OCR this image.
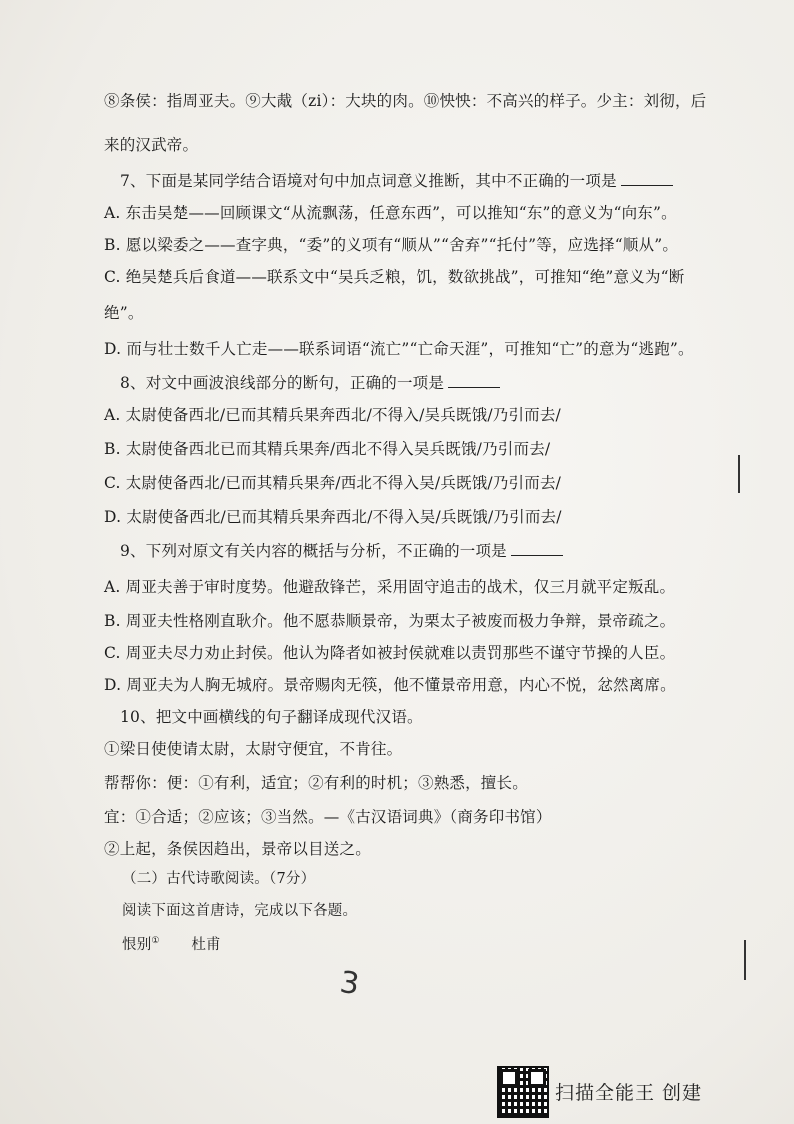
⑧条侯：指周亚夫。⑨大胾（zi）：大块的肉。⑩怏怏：不高兴的样子。少主：刘彻，后
来的汉武帝。
7、下面是某同学结合语境对句中加点词意义推断，其中不正确的一项是
A. 东击吴楚——回顾课文“从流飘荡，任意东西”，可以推知“东”的意义为“向东”。
B. 愿以梁委之——查字典，“委”的义项有“顺从”“舍弃”“托付”等，应选择“顺从”。
C. 绝吴楚兵后食道——联系文中“吴兵乏粮，饥，数欲挑战”，可推知“绝”意义为“断
绝”。
D. 而与壮士数千人亡走——联系词语“流亡”“亡命天涯”，可推知“亡”的意为“逃跑”。
8、对文中画波浪线部分的断句，正确的一项是
A. 太尉使备西北/已而其精兵果奔西北/不得入/吴兵既饿/乃引而去/
B. 太尉使备西北已而其精兵果奔/西北不得入吴兵既饿/乃引而去/
C. 太尉使备西北/已而其精兵果奔/西北不得入吴/兵既饿/乃引而去/
D. 太尉使备西北/已而其精兵果奔西北/不得入吴/兵既饿/乃引而去/
9、下列对原文有关内容的概括与分析，不正确的一项是
A. 周亚夫善于审时度势。他避敌锋芒，采用固守追击的战术，仅三月就平定叛乱。
B. 周亚夫性格刚直耿介。他不愿恭顺景帝，为栗太子被废而极力争辩，景帝疏之。
C. 周亚夫尽力劝止封侯。他认为降者如被封侯就难以责罚那些不谨守节操的人臣。
D. 周亚夫为人胸无城府。景帝赐肉无筷，他不懂景帝用意，内心不悦，忿然离席。
10、把文中画横线的句子翻译成现代汉语。
①梁日使使请太尉，太尉守便宜，不肯往。
帮帮你：便：①有利，适宜；②有利的时机；③熟悉，擅长。
宜：①合适；②应该；③当然。—《古汉语词典》（商务印书馆）
②上起，条侯因趋出，景帝以目送之。
（二）古代诗歌阅读。（7分）
阅读下面这首唐诗，完成以下各题。
恨别① 杜甫
3
扫描全能王 创建
